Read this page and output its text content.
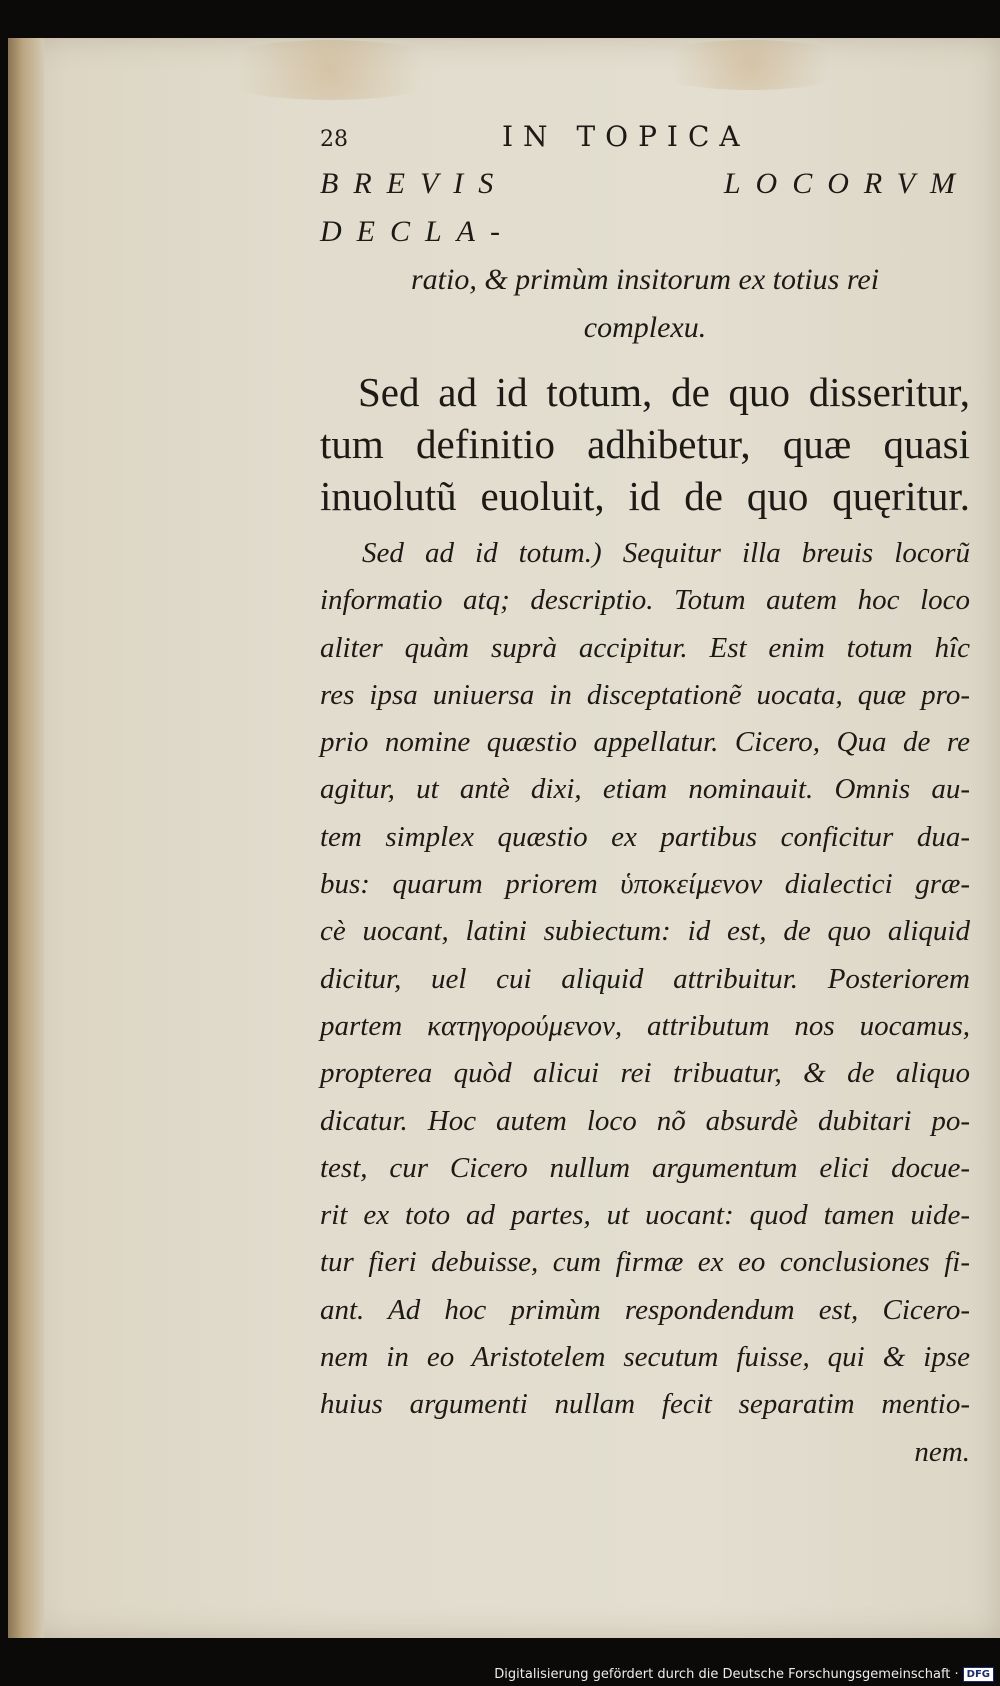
28	IN TOPICA
BREVIS LOCORVM DECLA-
ratio, & primùm insitorum ex totius rei
complexu.
Sed ad id totum, de quo disseritur,
tum definitio adhibetur, quæ quasi
inuolutũ euoluit, id de quo quęritur.
Sed ad id totum.) Sequitur illa breuis locorũ
informatio atq; descriptio. Totum autem hoc loco
aliter quàm suprà accipitur. Est enim totum hîc
res ipsa uniuersa in disceptationẽ uocata, quæ pro-
prio nomine quæstio appellatur. Cicero, Qua de re
agitur, ut antè dixi, etiam nominauit. Omnis au-
tem simplex quæstio ex partibus conficitur dua-
bus: quarum priorem ὑποκείμενον dialectici græ-
cè uocant, latini subiectum: id est, de quo aliquid
dicitur, uel cui aliquid attribuitur. Posteriorem
partem κατηγορούμενον, attributum nos uocamus,
propterea quòd alicui rei tribuatur, & de aliquo
dicatur. Hoc autem loco nõ absurdè dubitari po-
test, cur Cicero nullum argumentum elici docue-
rit ex toto ad partes, ut uocant: quod tamen uide-
tur fieri debuisse, cum firmæ ex eo conclusiones fi-
ant. Ad hoc primùm respondendum est, Cicero-
nem in eo Aristotelem secutum fuisse, qui & ipse
huius argumenti nullam fecit separatim mentio-
nem.
Digitalisierung gefördert durch die Deutsche Forschungsgemeinschaft · DFG
